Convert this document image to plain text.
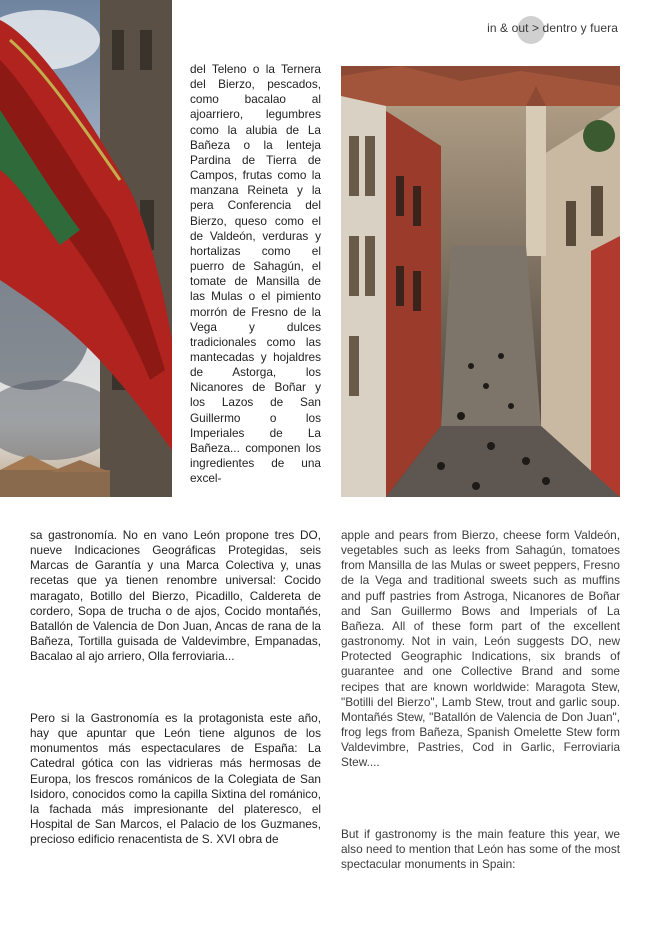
in & out > dentro y fuera

del Teleno o la Ternera del Bierzo, pescados, como bacalao al ajoarriero, legumbres como la alubia de La Bañeza o la lenteja Pardina de Tierra de Campos, frutas como la manzana Reineta y la pera Conferencia del Bierzo, queso como el de Valdeón, verduras y hortalizas como el puerro de Sahagún, el tomate de Mansilla de las Mulas o el pimiento morrón de Fresno de la Vega y dulces tradicionales como las mantecadas y hojaldres de Astorga, los Nicanores de Boñar y los Lazos de San Guillermo o los Imperiales de La Bañeza... componen los ingredientes de una excel-

sa gastronomía. No en vano León propone tres DO, nueve Indicaciones Geográficas Protegidas, seis Marcas de Garantía y una Marca Colectiva y, unas recetas que ya tienen renombre universal: Cocido maragato, Botillo del Bierzo, Picadillo, Caldereta de cordero, Sopa de trucha o de ajos, Cocido montañés, Batallón de Valencia de Don Juan, Ancas de rana de la Bañeza, Tortilla guisada de Valdevimbre, Empanadas, Bacalao al ajo arriero, Olla ferroviaria...

Pero si la Gastronomía es la protagonista este año, hay que apuntar que León tiene algunos de los monumentos más espectaculares de España: La Catedral gótica con las vidrieras más hermosas de Europa, los frescos románicos de la Colegiata de San Isidoro, conocidos como la capilla Sixtina del románico, la fachada más impresionante del plateresco, el Hospital de San Marcos, el Palacio de los Guzmanes, precioso edificio renacentista de S. XVI obra de

apple and pears from Bierzo, cheese form Valdeón, vegetables such as leeks from Sahagún, tomatoes from Mansilla de las Mulas or sweet peppers, Fresno de la Vega and traditional sweets such as muffins and puff pastries from Astroga, Nicanores de Boñar and San Guillermo Bows and Imperials of La Bañeza. All of these form part of the excellent gastronomy. Not in vain, León suggests DO, new Protected Geographic Indications, six brands of guarantee and one Collective Brand and some recipes that are known worldwide: Maragota Stew, "Botilli del Bierzo", Lamb Stew, trout and garlic soup. Montañés Stew, "Batallón de Valencia de Don Juan", frog legs from Bañeza, Spanish Omelette Stew form Valdevimbre, Pastries, Cod in Garlic, Ferroviaria Stew....

But if gastronomy is the main feature this year, we also need to mention that León has some of the most spectacular monuments in Spain:
